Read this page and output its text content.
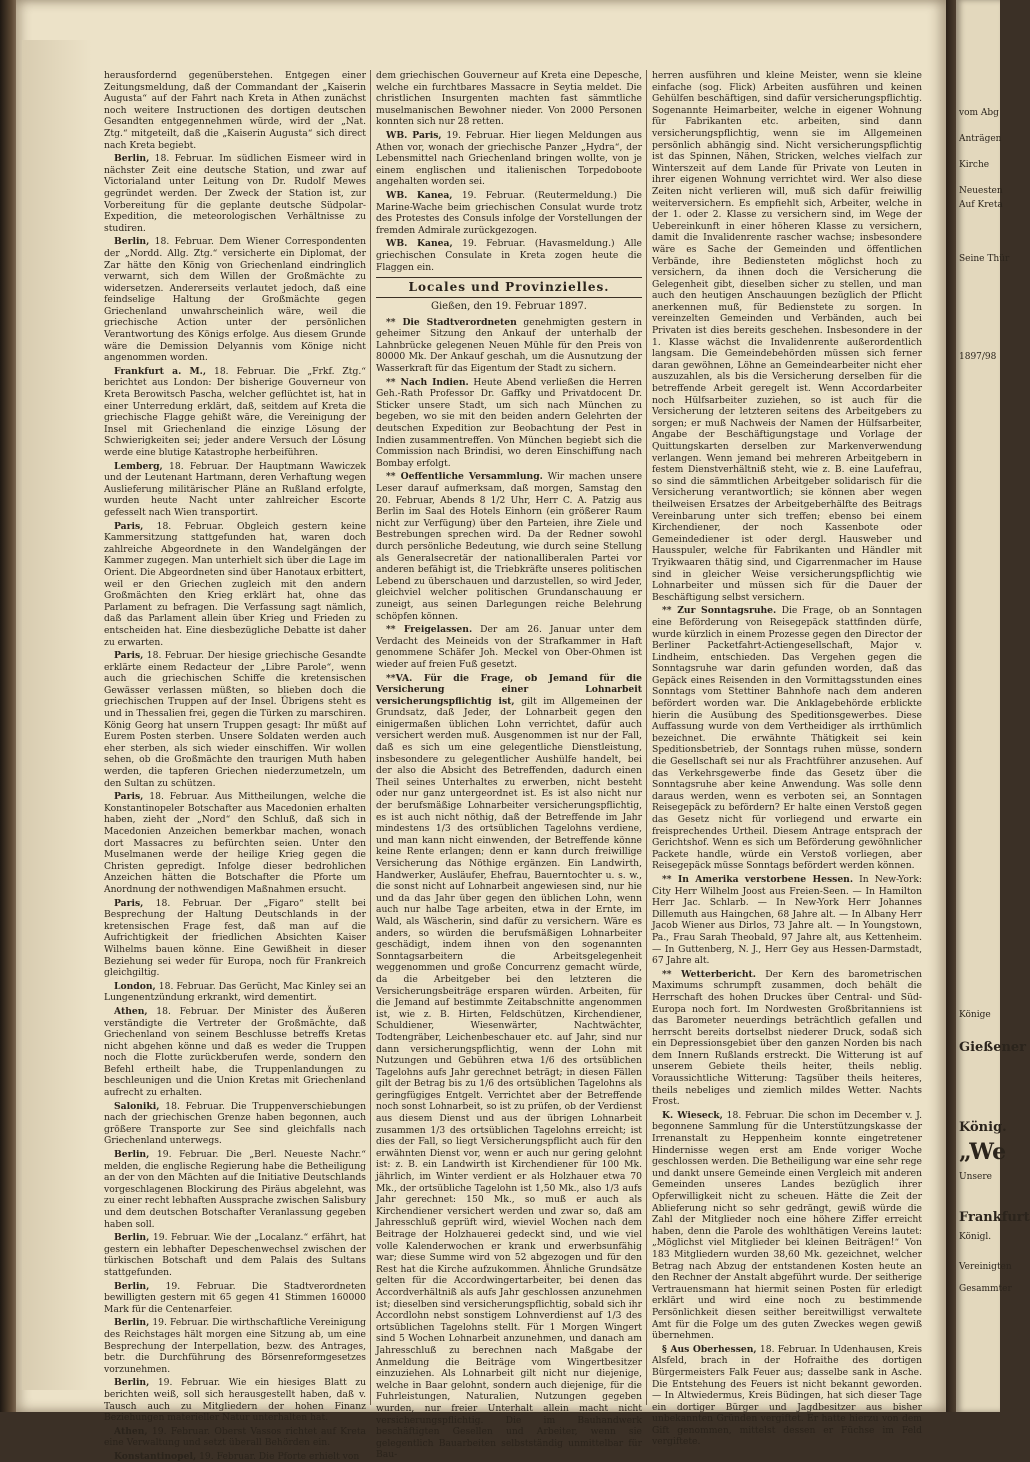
herausfordernd gegenüberstehen. Entgegen einer Zeitungsmeldung, daß der Commandant der „Kaiserin Augusta“ auf der Fahrt nach Kreta in Athen zunächst noch weitere Instructionen des dortigen deutschen Gesandten entgegennehmen würde, wird der „Nat. Ztg.“ mitgeteilt, daß die „Kaiserin Augusta“ sich direct nach Kreta begiebt.

Berlin, 18. Februar. Im südlichen Eismeer wird in nächster Zeit eine deutsche Station, und zwar auf Victorialand unter Leitung von Dr. Rudolf Mewes gegründet werden. Der Zweck der Station ist, zur Vorbereitung für die geplante deutsche Südpolar-Expedition, die meteorologischen Verhältnisse zu studiren.

Berlin, 18. Februar. Dem Wiener Correspondenten der „Nordd. Allg. Ztg.“ versicherte ein Diplomat, der Zar hätte den König von Griechenland eindringlich verwarnt, sich dem Willen der Großmächte zu widersetzen. Andererseits verlautet jedoch, daß eine feindselige Haltung der Großmächte gegen Griechenland unwahrscheinlich wäre, weil die griechische Action unter der persönlichen Verantwortung des Königs erfolge. Aus diesem Grunde wäre die Demission Delyannis vom Könige nicht angenommen worden.

Frankfurt a. M., 18. Februar. Die „Frkf. Ztg.“ berichtet aus London: Der bisherige Gouverneur von Kreta Berowitsch Pascha, welcher geflüchtet ist, hat in einer Unterredung erklärt, daß, seitdem auf Kreta die griechische Flagge gehißt wäre, die Vereinigung der Insel mit Griechenland die einzige Lösung der Schwierigkeiten sei; jeder andere Versuch der Lösung werde eine blutige Katastrophe herbeiführen.

Lemberg, 18. Februar. Der Hauptmann Wawiczek und der Leutenant Hartmann, deren Verhaftung wegen Auslieferung militärischer Pläne an Rußland erfolgte, wurden heute Nacht unter zahlreicher Escorte gefesselt nach Wien transportirt.

Paris, 18. Februar. Obgleich gestern keine Kammersitzung stattgefunden hat, waren doch zahlreiche Abgeordnete in den Wandelgängen der Kammer zugegen. Man unterhielt sich über die Lage im Orient. Die Abgeordneten sind über Hanotaux erbittert, weil er den Griechen zugleich mit den andern Großmächten den Krieg erklärt hat, ohne das Parlament zu befragen. Die Verfassung sagt nämlich, daß das Parlament allein über Krieg und Frieden zu entscheiden hat. Eine diesbezügliche Debatte ist daher zu erwarten.

Paris, 18. Februar. Der hiesige griechische Gesandte erklärte einem Redacteur der „Libre Parole“, wenn auch die griechischen Schiffe die kretensischen Gewässer verlassen müßten, so blieben doch die griechischen Truppen auf der Insel. Übrigens steht es und in Thessalien frei, gegen die Türken zu marschiren. König Georg hat unsern Truppen gesagt: Ihr müßt auf Eurem Posten sterben. Unsere Soldaten werden auch eher sterben, als sich wieder einschiffen. Wir wollen sehen, ob die Großmächte den traurigen Muth haben werden, die tapferen Griechen niederzumetzeln, um den Sultan zu schützen.

Paris, 18. Februar. Aus Mittheilungen, welche die Konstantinopeler Botschafter aus Macedonien erhalten haben, zieht der „Nord“ den Schluß, daß sich in Macedonien Anzeichen bemerkbar machen, wonach dort Massacres zu befürchten seien. Unter den Muselmanen werde der heilige Krieg gegen die Christen gepredigt. Infolge dieser bedrohlichen Anzeichen hätten die Botschafter die Pforte um Anordnung der nothwendigen Maßnahmen ersucht.

Paris, 18. Februar. Der „Figaro“ stellt bei Besprechung der Haltung Deutschlands in der kretensischen Frage fest, daß man auf die Aufrichtigkeit der friedlichen Absichten Kaiser Wilhelms bauen könne. Eine Gewißheit in dieser Beziehung sei weder für Europa, noch für Frankreich gleichgiltig.

London, 18. Februar. Das Gerücht, Mac Kinley sei an Lungenentzündung erkrankt, wird dementirt.

Athen, 18. Februar. Der Minister des Äußeren verständigte die Vertreter der Großmächte, daß Griechenland von seinem Beschlusse betreffs Kretas nicht abgehen könne und daß es weder die Truppen noch die Flotte zurückberufen werde, sondern den Befehl ertheilt habe, die Truppenlandungen zu beschleunigen und die Union Kretas mit Griechenland aufrecht zu erhalten.

Saloniki, 18. Februar. Die Truppenverschiebungen nach der griechischen Grenze haben begonnen, auch größere Transporte zur See sind gleichfalls nach Griechenland unterwegs.

Berlin, 19. Februar. Die „Berl. Neueste Nachr.“ melden, die englische Regierung habe die Betheiligung an der von den Mächten auf die Initiative Deutschlands vorgeschlagenen Blockirung des Piräus abgelehnt, was zu einer recht lebhaften Aussprache zwischen Salisbury und dem deutschen Botschafter Veranlassung gegeben haben soll.

Berlin, 19. Februar. Wie der „Localanz.“ erfährt, hat gestern ein lebhafter Depeschenwechsel zwischen der türkischen Botschaft und dem Palais des Sultans stattgefunden.

Berlin, 19. Februar. Die Stadtverordneten bewilligten gestern mit 65 gegen 41 Stimmen 160000 Mark für die Centenarfeier.

Berlin, 19. Februar. Die wirthschaftliche Vereinigung des Reichstages hält morgen eine Sitzung ab, um eine Besprechung der Interpellation, bezw. des Antrages, betr. die Durchführung des Börsenreformgesetzes vorzunehmen.

Berlin, 19. Februar. Wie ein hiesiges Blatt zu berichten weiß, soll sich herausgestellt haben, daß v. Tausch auch zu Mitgliedern der hohen Finanz Beziehungen materieller Natur unterhalten hat.

Athen, 19. Februar. Oberst Vassos richtet auf Kreta eine Verwaltung und setzt überall Behörden ein.

Konstantinopel, 19. Februar. Die Pforte erhielt von

dem griechischen Gouverneur auf Kreta eine Depesche, welche ein furchtbares Massacre in Seytia meldet. Die christlichen Insurgenten machten fast sämmtliche muselmanischen Bewohner nieder. Von 2000 Personen konnten sich nur 28 retten.

WB. Paris, 19. Februar. Hier liegen Meldungen aus Athen vor, wonach der griechische Panzer „Hydra“, der Lebensmittel nach Griechenland bringen wollte, von je einem englischen und italienischen Torpedoboote angehalten worden sei.

WB. Kanea, 19. Februar. (Reutermeldung.) Die Marine-Wache beim griechischen Consulat wurde trotz des Protestes des Consuls infolge der Vorstellungen der fremden Admirale zurückgezogen.

WB. Kanea, 19. Februar. (Havasmeldung.) Alle griechischen Consulate in Kreta zogen heute die Flaggen ein.

Locales und Provinzielles.
Gießen, den 19. Februar 1897.

** Die Stadtverordneten genehmigten gestern in geheimer Sitzung den Ankauf der unterhalb der Lahnbrücke gelegenen Neuen Mühle für den Preis von 80000 Mk. Der Ankauf geschah, um die Ausnutzung der Wasserkraft für das Eigentum der Stadt zu sichern.

** Nach Indien. Heute Abend verließen die Herren Geh.-Rath Professor Dr. Gaffky und Privatdocent Dr. Sticker unsere Stadt, um sich nach München zu begeben, wo sie mit den beiden andern Gelehrten der deutschen Expedition zur Beobachtung der Pest in Indien zusammentreffen. Von München begiebt sich die Commission nach Brindisi, wo deren Einschiffung nach Bombay erfolgt.

** Oeffentliche Versammlung. Wir machen unsere Leser darauf aufmerksam, daß morgen, Samstag den 20. Februar, Abends 8 1/2 Uhr, Herr C. A. Patzig aus Berlin im Saal des Hotels Einhorn (ein größerer Raum nicht zur Verfügung) über den Parteien, ihre Ziele und Bestrebungen sprechen wird. Da der Redner sowohl durch persönliche Bedeutung, wie durch seine Stellung als Generalsecretär der nationalliberalen Partei vor anderen befähigt ist, die Triebkräfte unseres politischen Lebend zu überschauen und darzustellen, so wird Jeder, gleichviel welcher politischen Grundanschauung er zuneigt, aus seinen Darlegungen reiche Belehrung schöpfen können.

** Freigelassen. Der am 26. Januar unter dem Verdacht des Meineids von der Strafkammer in Haft genommene Schäfer Joh. Meckel von Ober-Ohmen ist wieder auf freien Fuß gesetzt.

**VA. Für die Frage, ob Jemand für die Versicherung einer Lohnarbeit versicherungspflichtig ist, gilt im Allgemeinen der Grundsatz, daß Jeder, der Lohnarbeit gegen den einigermaßen üblichen Lohn verrichtet, dafür auch versichert werden muß. Ausgenommen ist nur der Fall, daß es sich um eine gelegentliche Dienstleistung, insbesondere zu gelegentlicher Aushülfe handelt, bei der also die Absicht des Betreffenden, dadurch einen Theil seines Unterhaltes zu erwerben, nicht besteht oder nur ganz untergeordnet ist. Es ist also nicht nur der berufsmäßige Lohnarbeiter versicherungspflichtig, es ist auch nicht nöthig, daß der Betreffende im Jahr mindestens 1/3 des ortsüblichen Tagelohns verdiene, und man kann nicht einwenden, der Betreffende könne keine Rente erlangen; denn er kann durch freiwillige Versicherung das Nöthige ergänzen. Ein Landwirth, Handwerker, Ausläufer, Ehefrau, Bauerntochter u. s. w., die sonst nicht auf Lohnarbeit angewiesen sind, nur hie und da das Jahr über gegen den üblichen Lohn, wenn auch nur halbe Tage arbeiten, etwa in der Ernte, im Wald, als Wäscherin, sind dafür zu versichern. Wäre es anders, so würden die berufsmäßigen Lohnarbeiter geschädigt, indem ihnen von den sogenannten Sonntagsarbeitern die Arbeitsgelegenheit weggenommen und große Concurrenz gemacht würde, da die Arbeitgeber bei den letzteren die Versicherungsbeiträge ersparen würden. Arbeiten, für die Jemand auf bestimmte Zeitabschnitte angenommen ist, wie z. B. Hirten, Feldschützen, Kirchendiener, Schuldiener, Wiesenwärter, Nachtwächter, Todtengräber, Leichenbeschauer etc. auf Jahr, sind nur dann versicherungspflichtig, wenn der Lohn mit Nutzungen und Gebühren etwa 1/6 des ortsüblichen Tagelohns aufs Jahr gerechnet beträgt; in diesen Fällen gilt der Betrag bis zu 1/6 des ortsüblichen Tagelohns als geringfügiges Entgelt. Verrichtet aber der Betreffende noch sonst Lohnarbeit, so ist zu prüfen, ob der Verdienst aus diesem Dienst und aus der übrigen Lohnarbeit zusammen 1/3 des ortsüblichen Tagelohns erreicht; ist dies der Fall, so liegt Versicherungspflicht auch für den erwähnten Dienst vor, wenn er auch nur gering gelohnt ist: z. B. ein Landwirth ist Kirchendiener für 100 Mk. jährlich, im Winter verdient er als Holzhauer etwa 70 Mk., der ortsübliche Tagelohn ist 1,50 Mk., also 1/3 aufs Jahr gerechnet: 150 Mk., so muß er auch als Kirchendiener versichert werden und zwar so, daß am Jahresschluß geprüft wird, wieviel Wochen nach dem Beitrage der Holzhauerei gedeckt sind, und wie viel volle Kalenderwochen er krank und erwerbsunfähig war; diese Summe wird von 52 abgezogen und für den Rest hat die Kirche aufzukommen. Ähnliche Grundsätze gelten für die Accordwingertarbeiter, bei denen das Accordverhältniß als aufs Jahr geschlossen anzunehmen ist; dieselben sind versicherungspflichtig, sobald sich ihr Accordlohn nebst sonstigem Lohnverdienst auf 1/3 des ortsüblichen Tagelohns stellt. Für 1 Morgen Wingert sind 5 Wochen Lohnarbeit anzunehmen, und danach am Jahresschluß zu berechnen nach Maßgabe der Anmeldung die Beiträge vom Wingertbesitzer einzuziehen. Als Lohnarbeit gilt nicht nur diejenige, welche in Baar gelohnt, sondern auch diejenige, für die Fuhrleistungen, Naturalien, Nutzungen gegeben wurden, nur freier Unterhalt allein macht nicht versicherungspflichtig. Die im Bauhandwerk beschäftigten Gesellen und Arbeiter, wenn sie gelegentlich Bauarbeiten selbstständig unmittelbar für Bau-

herren ausführen und kleine Meister, wenn sie kleine einfache (sog. Flick) Arbeiten ausführen und keinen Gehülfen beschäftigen, sind dafür versicherungspflichtig. Sogenannte Heimarbeiter, welche in eigener Wohnung für Fabrikanten etc. arbeiten, sind dann versicherungspflichtig, wenn sie im Allgemeinen persönlich abhängig sind. Nicht versicherungspflichtig ist das Spinnen, Nähen, Stricken, welches vielfach zur Winterszeit auf dem Lande für Private von Leuten in ihrer eigenen Wohnung verrichtet wird. Wer also diese Zeiten nicht verlieren will, muß sich dafür freiwillig weiterversichern. Es empfiehlt sich, Arbeiter, welche in der 1. oder 2. Klasse zu versichern sind, im Wege der Uebereinkunft in einer höheren Klasse zu versichern, damit die Invalidenrente rascher wachse; insbesondere wäre es Sache der Gemeinden und öffentlichen Verbände, ihre Bediensteten möglichst hoch zu versichern, da ihnen doch die Versicherung die Gelegenheit gibt, dieselben sicher zu stellen, und man auch den heutigen Anschauungen bezüglich der Pflicht anerkennen muß, für Bedienstete zu sorgen. In vereinzelten Gemeinden und Verbänden, auch bei Privaten ist dies bereits geschehen. Insbesondere in der 1. Klasse wächst die Invalidenrente außerordentlich langsam. Die Gemeindebehörden müssen sich ferner daran gewöhnen, Löhne an Gemeindearbeiter nicht eher auszuzahlen, als bis die Versicherung derselben für die betreffende Arbeit geregelt ist. Wenn Accordarbeiter noch Hülfsarbeiter zuziehen, so ist auch für die Versicherung der letzteren seitens des Arbeitgebers zu sorgen; er muß Nachweis der Namen der Hülfsarbeiter, Angabe der Beschäftigungstage und Vorlage der Quittungskarten derselben zur Markenverwendung verlangen. Wenn jemand bei mehreren Arbeitgebern in festem Dienstverhältniß steht, wie z. B. eine Laufefrau, so sind die sämmtlichen Arbeitgeber solidarisch für die Versicherung verantwortlich; sie können aber wegen theilweisen Ersatzes der Arbeitgeberhälfte des Beitrags Vereinbarung unter sich treffen; ebenso bei einem Kirchendiener, der noch Kassenbote oder Gemeindediener ist oder dergl. Hausweber und Hausspuler, welche für Fabrikanten und Händler mit Tryikwaaren thätig sind, und Cigarrenmacher im Hause sind in gleicher Weise versicherungspflichtig wie Lohnarbeiter und müssen sich für die Dauer der Beschäftigung selbst versichern.

** Zur Sonntagsruhe. Die Frage, ob an Sonntagen eine Beförderung von Reisegepäck stattfinden dürfe, wurde kürzlich in einem Prozesse gegen den Director der Berliner Packetfahrt-Actiengesellschaft, Major v. Lindheim, entschieden. Das Vergehen gegen die Sonntagsruhe war darin gefunden worden, daß das Gepäck eines Reisenden in den Vormittagsstunden eines Sonntags vom Stettiner Bahnhofe nach dem anderen befördert worden war. Die Anklagebehörde erblickte hierin die Ausübung des Speditionsgewerbes. Diese Auffassung wurde von dem Vertheidiger als irrthümlich bezeichnet. Die erwähnte Thätigkeit sei kein Speditionsbetrieb, der Sonntags ruhen müsse, sondern die Gesellschaft sei nur als Frachtführer anzusehen. Auf das Verkehrsgewerbe finde das Gesetz über die Sonntagsruhe aber keine Anwendung. Was solle denn daraus werden, wenn es verboten sei, an Sonntagen Reisegepäck zu befördern? Er halte einen Verstoß gegen das Gesetz nicht für vorliegend und erwarte ein freisprechendes Urtheil. Diesem Antrage entsprach der Gerichtshof. Wenn es sich um Beförderung gewöhnlicher Packete handle, würde ein Verstoß vorliegen, aber Reisegepäck müsse Sonntags befördert werden können.

** In Amerika verstorbene Hessen. In New-York: City Herr Wilhelm Joost aus Freien-Seen. — In Hamilton Herr Jac. Schlarb. — In New-York Herr Johannes Dillemuth aus Haingchen, 68 Jahre alt. — In Albany Herr Jacob Wiener aus Dirlos, 73 Jahre alt. — In Youngstown, Pa., Frau Sarah Theobald, 97 Jahre alt, aus Kettenheim. — In Guttenberg, N. J., Herr Gey aus Hessen-Darmstadt, 67 Jahre alt.

** Wetterbericht. Der Kern des barometrischen Maximums schrumpft zusammen, doch behält die Herrschaft des hohen Druckes über Central- und Süd-Europa noch fort. Im Nordwesten Großbritanniens ist das Barometer neuerdings beträchtlich gefallen und herrscht bereits dortselbst niederer Druck, sodaß sich ein Depressionsgebiet über den ganzen Norden bis nach dem Innern Rußlands erstreckt. Die Witterung ist auf unserem Gebiete theils heiter, theils neblig. Voraussichtliche Witterung: Tagsüber theils heiteres, theils nebeliges und ziemlich mildes Wetter. Nachts Frost.

K. Wieseck, 18. Februar. Die schon im December v. J. begonnene Sammlung für die Unterstützungskasse der Irrenanstalt zu Heppenheim konnte eingetretener Hindernisse wegen erst am Ende voriger Woche geschlossen werden. Die Betheiligung war eine sehr rege und dankt unsere Gemeinde einen Vergleich mit anderen Gemeinden unseres Landes bezüglich ihrer Opferwilligkeit nicht zu scheuen. Hätte die Zeit der Ablieferung nicht so sehr gedrängt, gewiß würde die Zahl der Mitglieder noch eine höhere Ziffer erreicht haben, denn die Parole des wohlthätigen Vereins lautet: „Möglichst viel Mitglieder bei kleinen Beiträgen!“ Von 183 Mitgliedern wurden 38,60 Mk. gezeichnet, welcher Betrag nach Abzug der entstandenen Kosten heute an den Rechner der Anstalt abgeführt wurde. Der seitherige Vertrauensmann hat hiermit seinen Posten für erledigt erklärt und wird eine noch zu bestimmende Persönlichkeit diesen seither bereitwilligst verwaltete Amt für die Folge um des guten Zweckes wegen gewiß übernehmen.

§ Aus Oberhessen, 18. Februar. In Udenhausen, Kreis Alsfeld, brach in der Hofraithe des dortigen Bürgermeisters Falk Feuer aus; dasselbe sank in Asche. Die Entstehung des Feuers ist nicht bekannt geworden. — In Altwiedermus, Kreis Büdingen, hat sich dieser Tage ein dortiger Bürger und Jagdbesitzer aus bisher unbekannten Gründen vergiftet. Er hatte hierzu von dem Gift genommen, mittelst dessen er Füchse im Feld vergiftete.

vom Abg
Anträgen
Kirche
Neuesten
Auf Kreta
Seine Thür
1897/98
Könige
Gießener
König.
„We
Unsere
Frankfurt
Königl.
Vereinigten
Gesammter
